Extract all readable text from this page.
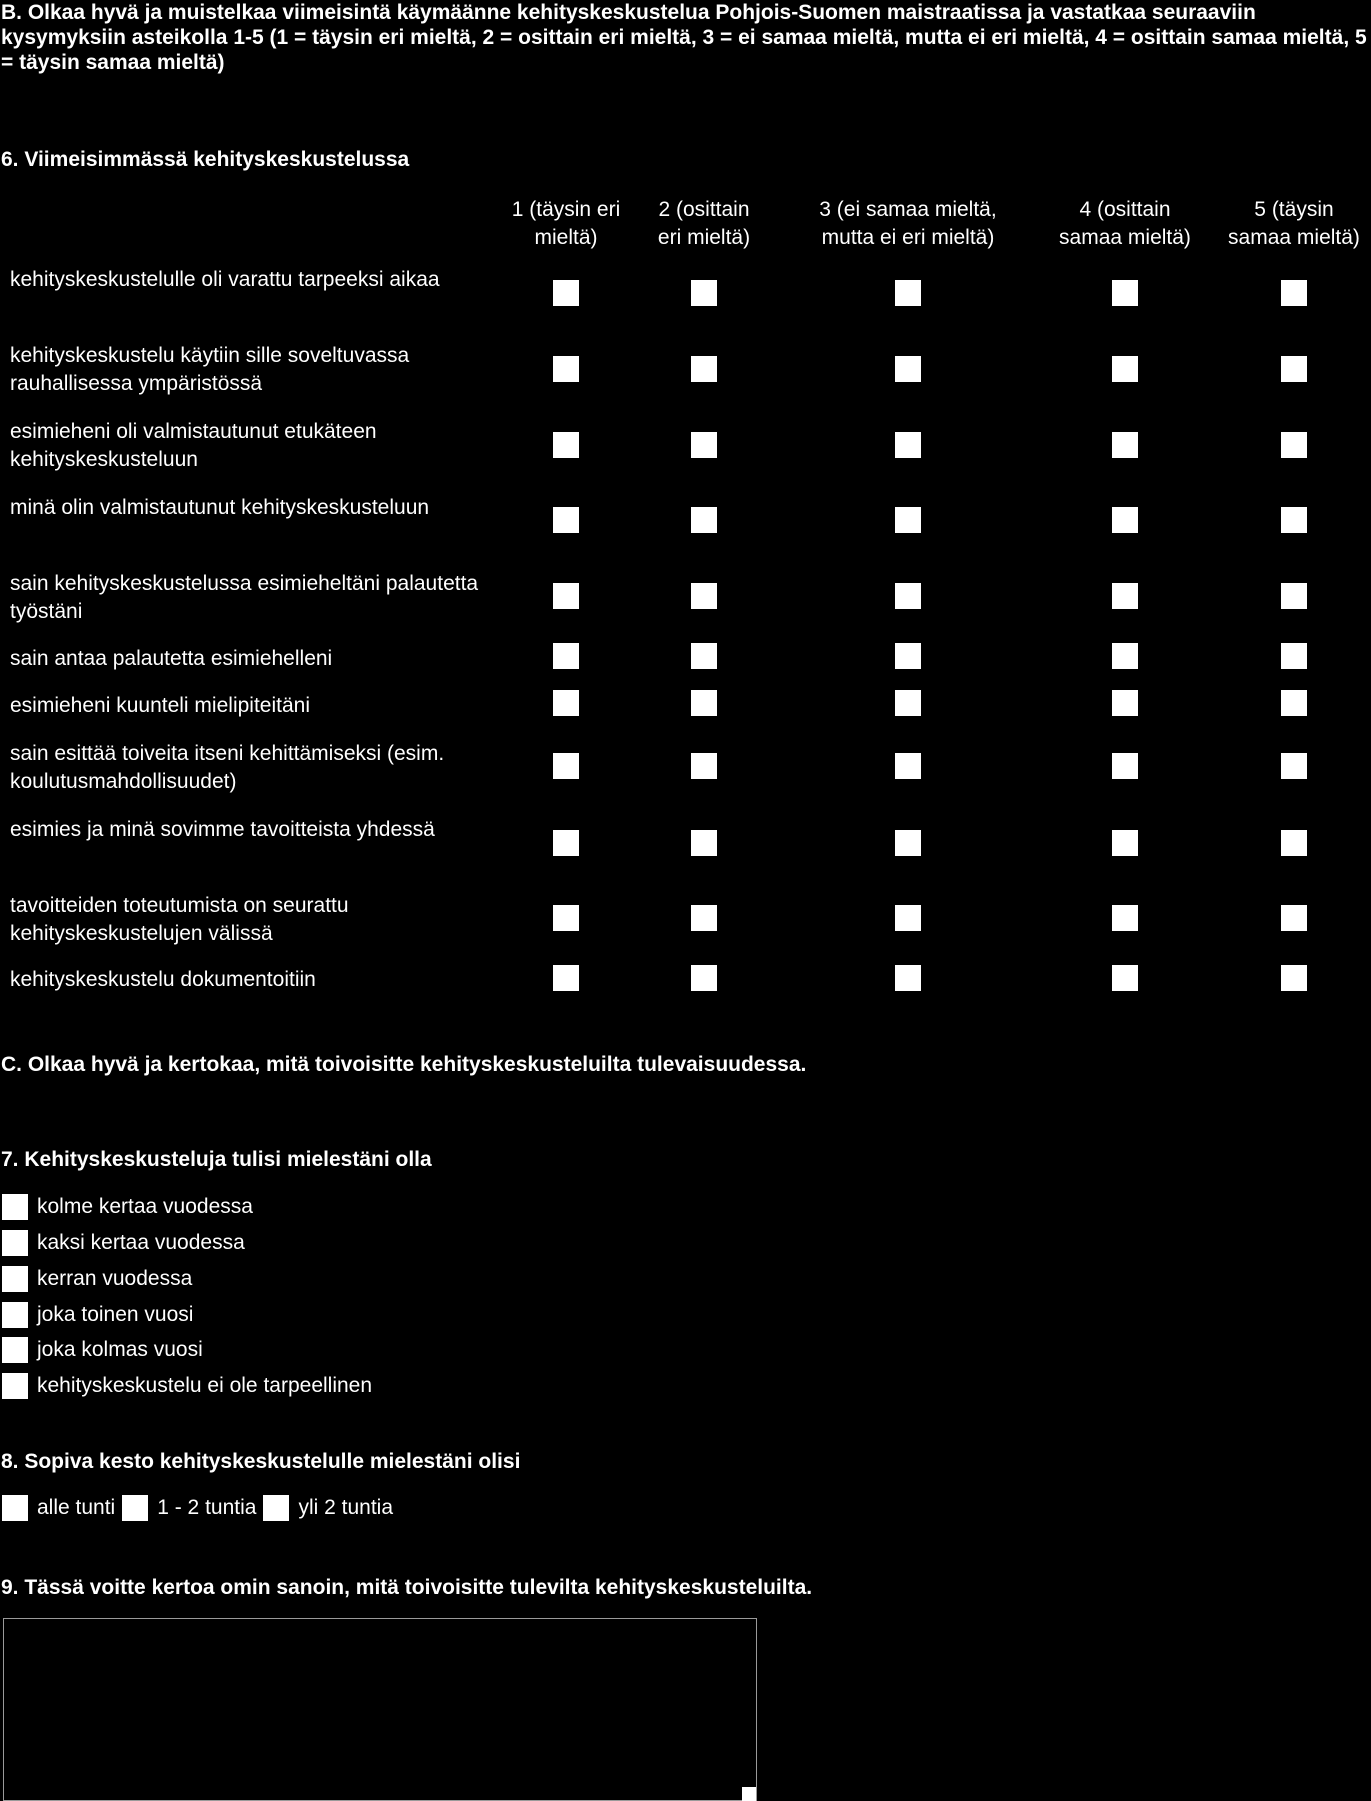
B. Olkaa hyvä ja muistelkaa viimeisintä käymäänne kehityskeskustelua Pohjois-Suomen maistraatissa ja vastatkaa seuraaviin kysymyksiin asteikolla 1-5 (1 = täysin eri mieltä, 2 = osittain eri mieltä, 3 = ei samaa mieltä, mutta ei eri mieltä, 4 = osittain samaa mieltä, 5 = täysin samaa mieltä)

6. Viimeisimmässä kehityskeskustelussa

1 (täysin eri
mieltä)
2 (osittain
eri mieltä)
3 (ei samaa mieltä,
mutta ei eri mieltä)
4 (osittain
samaa mieltä)
5 (täysin
samaa mieltä)
kehityskeskustelulle oli varattu tarpeeksi aikaa
kehityskeskustelu käytiin sille soveltuvassa rauhallisessa ympäristössä
esimieheni oli valmistautunut etukäteen kehityskeskusteluun
minä olin valmistautunut kehityskeskusteluun
sain kehityskeskustelussa esimieheltäni palautetta työstäni
sain antaa palautetta esimiehelleni
esimieheni kuunteli mielipiteitäni
sain esittää toiveita itseni kehittämiseksi (esim. koulutusmahdollisuudet)
esimies ja minä sovimme tavoitteista yhdessä
tavoitteiden toteutumista on seurattu kehityskeskustelujen välissä
kehityskeskustelu dokumentoitiin

C. Olkaa hyvä ja kertokaa, mitä toivoisitte kehityskeskusteluilta tulevaisuudessa.

7. Kehityskeskusteluja tulisi mielestäni olla

kolme kertaa vuodessa
kaksi kertaa vuodessa
kerran vuodessa
joka toinen vuosi
joka kolmas vuosi
kehityskeskustelu ei ole tarpeellinen

8. Sopiva kesto kehityskeskustelulle mielestäni olisi

alle tunti 1 - 2 tuntia yli 2 tuntia

9. Tässä voitte kertoa omin sanoin, mitä toivoisitte tulevilta kehityskeskusteluilta.
